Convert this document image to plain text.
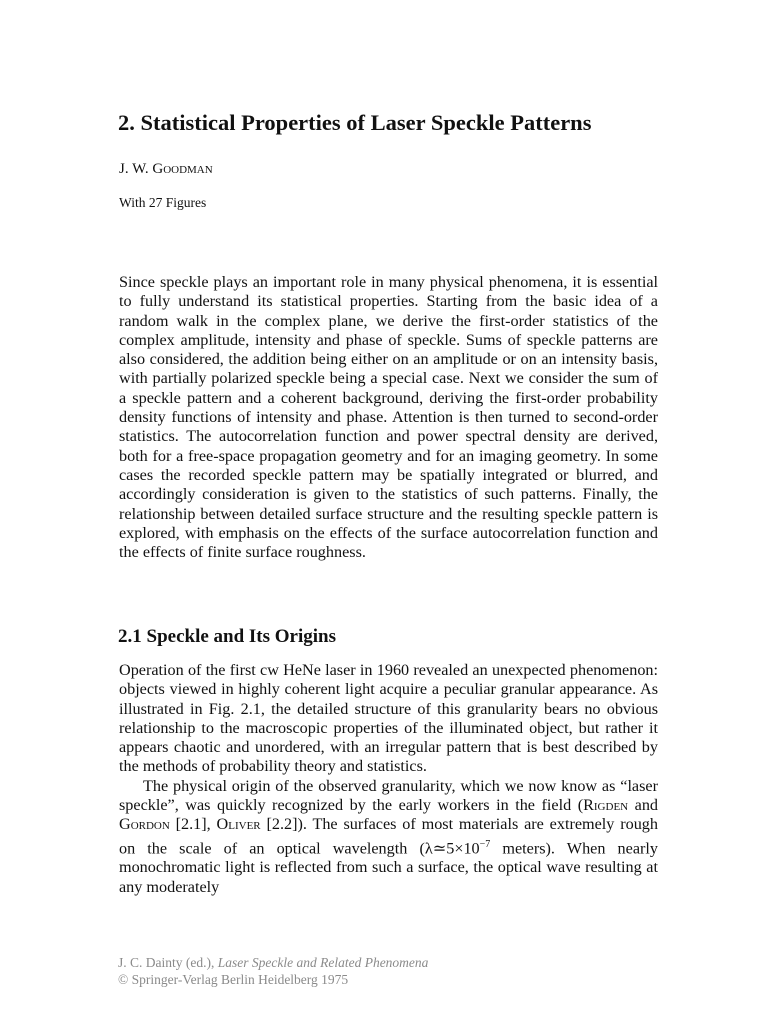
2. Statistical Properties of Laser Speckle Patterns
J. W. Goodman
With 27 Figures
Since speckle plays an important role in many physical phenomena, it is essential to fully understand its statistical properties. Starting from the basic idea of a random walk in the complex plane, we derive the first-order statistics of the complex amplitude, intensity and phase of speckle. Sums of speckle patterns are also considered, the addition being either on an amplitude or on an intensity basis, with partially polarized speckle being a special case. Next we consider the sum of a speckle pattern and a coherent background, deriving the first-order probability density functions of intensity and phase. Attention is then turned to second-order statistics. The autocorrelation function and power spectral density are derived, both for a free-space propagation geometry and for an imaging geometry. In some cases the recorded speckle pattern may be spatially integrated or blurred, and accordingly consideration is given to the statistics of such patterns. Finally, the relationship between detailed surface structure and the resulting speckle pattern is explored, with emphasis on the effects of the surface autocorrelation function and the effects of finite surface roughness.
2.1 Speckle and Its Origins

Operation of the first cw HeNe laser in 1960 revealed an unexpected phenomenon: objects viewed in highly coherent light acquire a peculiar granular appearance. As illustrated in Fig. 2.1, the detailed structure of this granularity bears no obvious relationship to the macroscopic properties of the illuminated object, but rather it appears chaotic and unordered, with an irregular pattern that is best described by the methods of probability theory and statistics.

The physical origin of the observed granularity, which we now know as “laser speckle”, was quickly recognized by the early workers in the field (Rigden and Gordon [2.1], Oliver [2.2]). The surfaces of most materials are extremely rough on the scale of an optical wavelength ($\lambda≃5\times 10^{-7}$ meters). When nearly monochromatic light is reflected from such a surface, the optical wave resulting at any moderately

J. C. Dainty (ed.), Laser Speckle and Related Phenomena
© Springer-Verlag Berlin Heidelberg 1975
